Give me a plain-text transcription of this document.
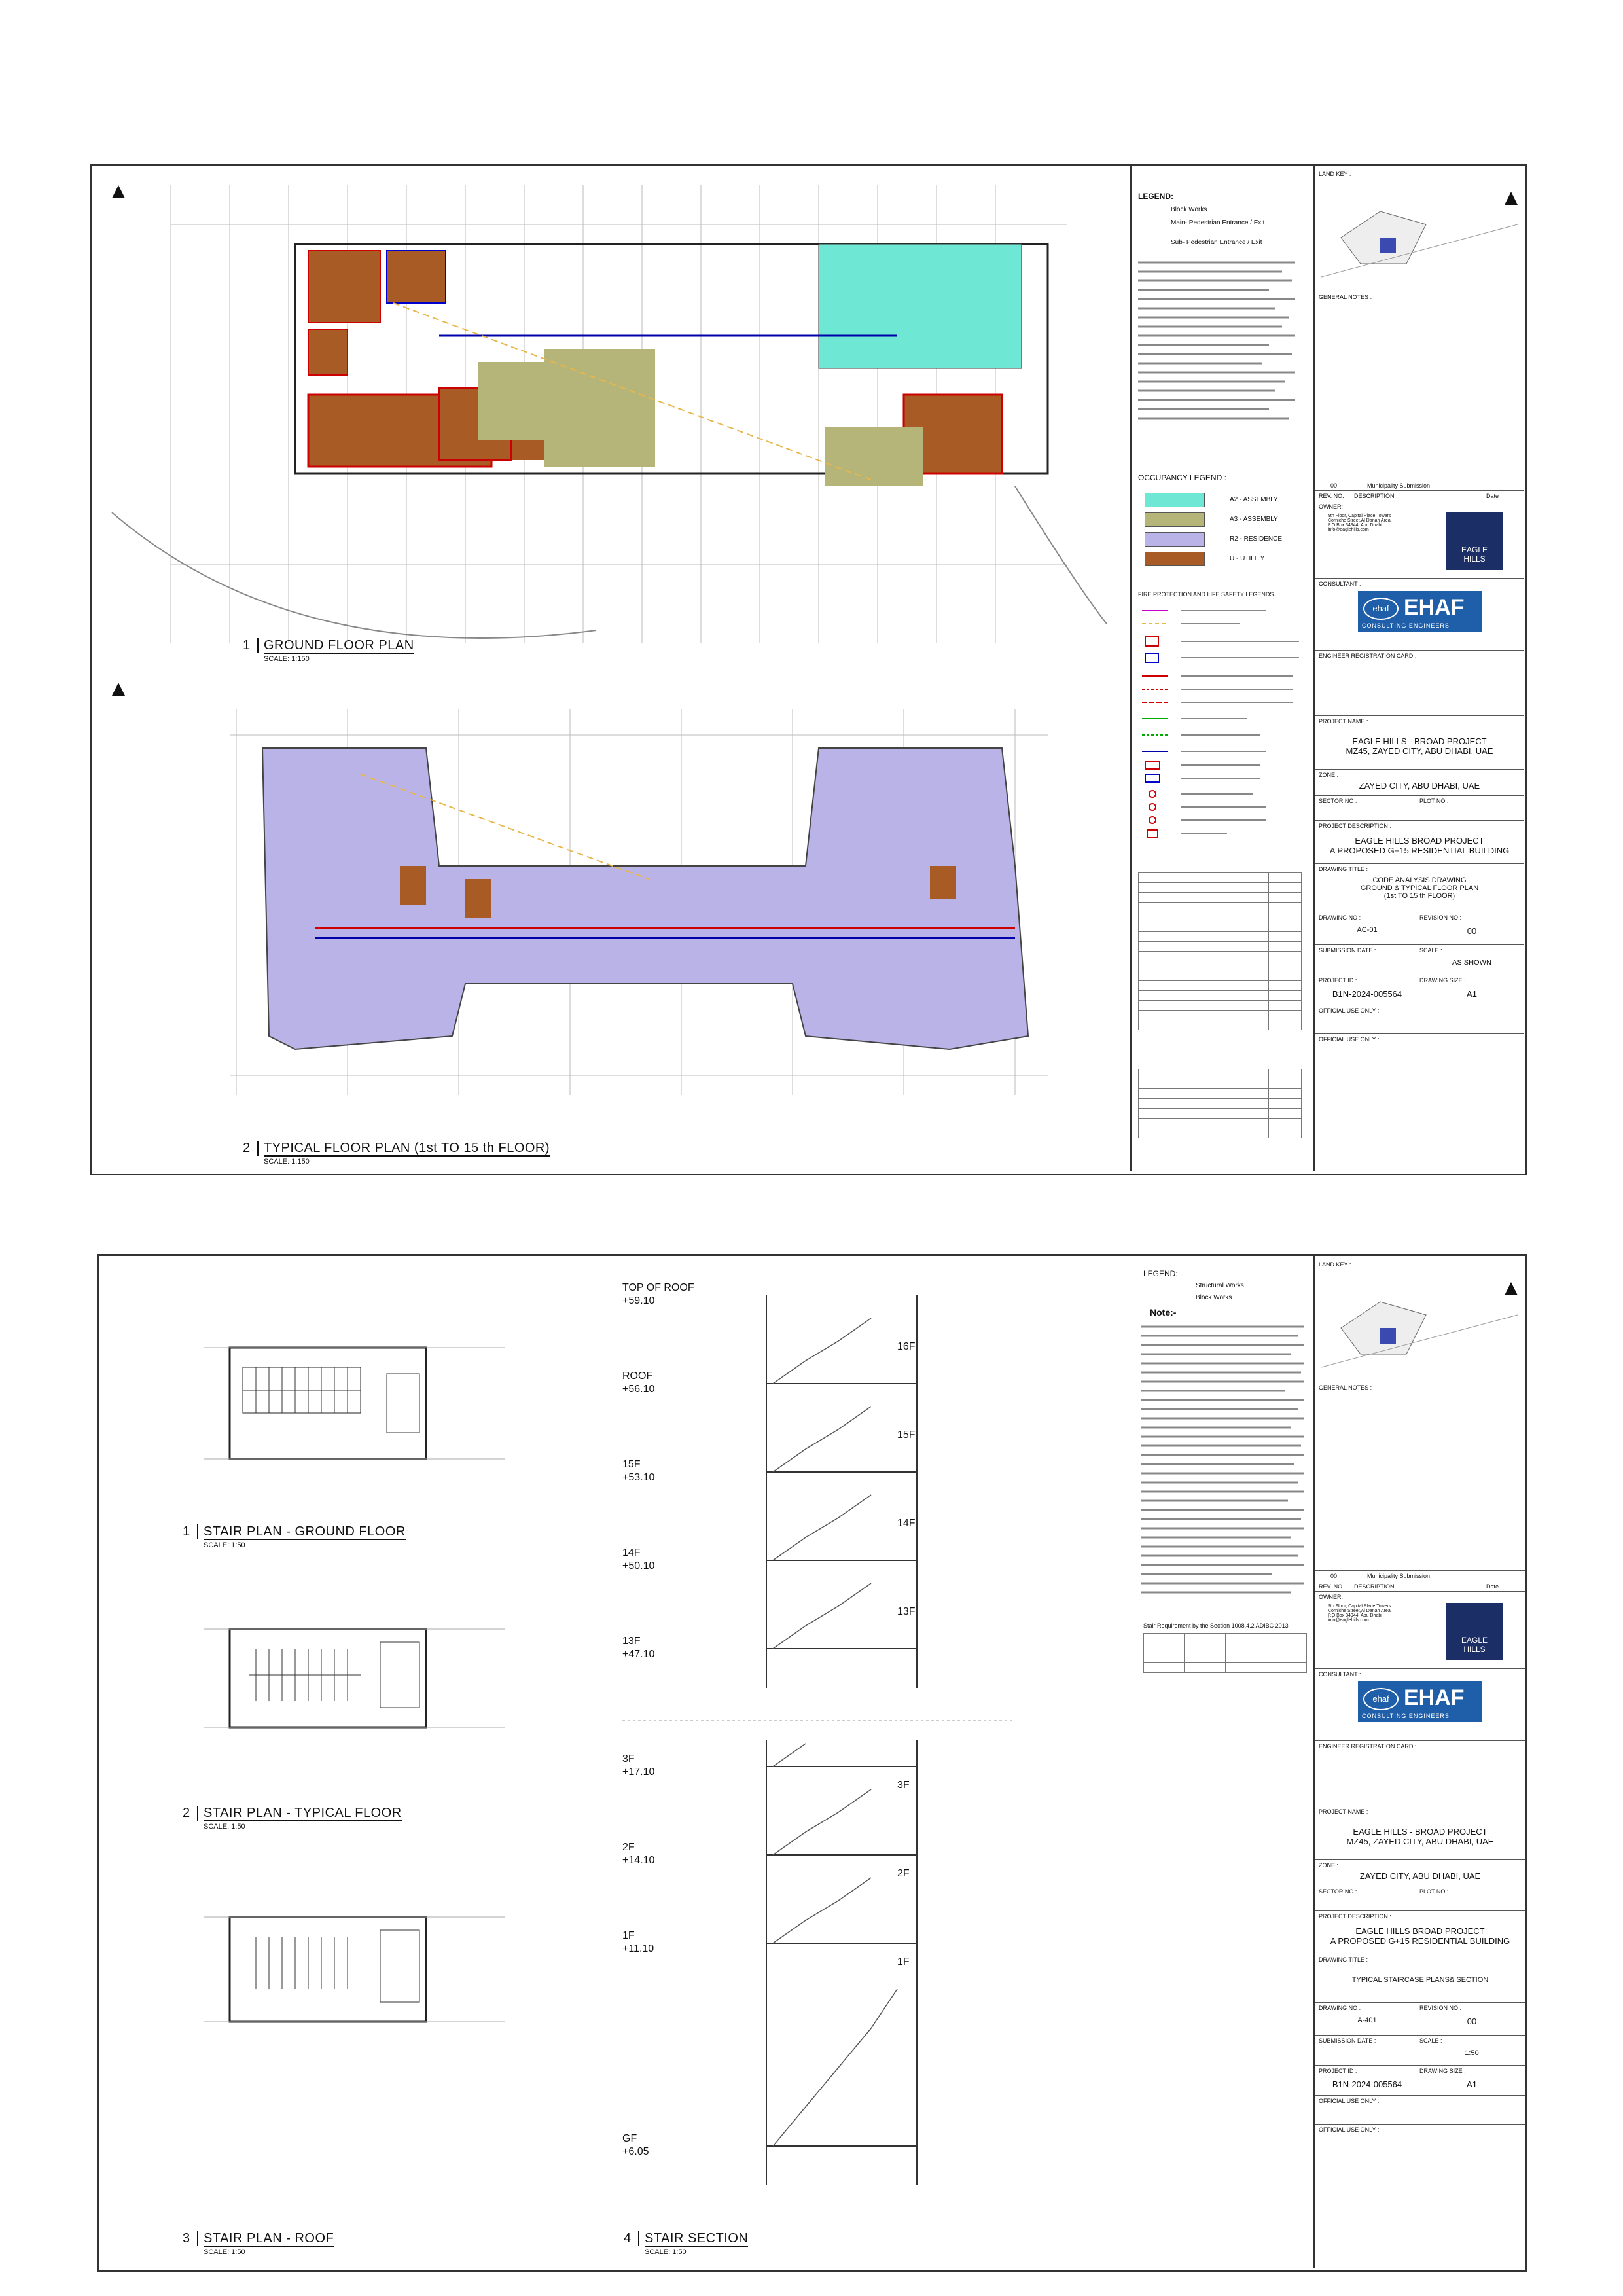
1 GROUND FLOOR PLAN
SCALE: 1:150
2 TYPICAL FLOOR PLAN (1st TO 15 th FLOOR)
SCALE: 1:150
LEGEND:
Block Works
Main- Pedestrian Entrance / Exit
Sub- Pedestrian Entrance / Exit
OCCUPANCY LEGEND :
A2 - ASSEMBLY
A3 - ASSEMBLY
R2 - RESIDENCE
U - UTILITY
FIRE PROTECTION AND LIFE SAFETY LEGENDS

LAND KEY :
GENERAL NOTES :
00	Municipality Submission
REV. NO. DESCRIPTION	Date
OWNER:
9th Floor, Capital Place Towers
Corniche Street,Al Danah Area,
P.O Box 34944, Abu Dhabi
info@eaglehills.com
EAGLE
HILLS
CONSULTANT :
ehaf EHAF
CONSULTING ENGINEERS
ENGINEER REGISTRATION CARD :
PROJECT NAME :
EAGLE HILLS - BROAD PROJECT
MZ45, ZAYED CITY, ABU DHABI, UAE
ZONE :
ZAYED CITY, ABU DHABI, UAE
SECTOR NO :	PLOT NO :
PROJECT DESCRIPTION :
EAGLE HILLS BROAD PROJECT
A PROPOSED G+15 RESIDENTIAL BUILDING
DRAWING TITLE :
CODE ANALYSIS DRAWING
GROUND & TYPICAL FLOOR PLAN
(1st TO 15 th FLOOR)
DRAWING NO :	REVISION NO :
AC-01	00
SUBMISSION DATE :	SCALE :
AS SHOWN
PROJECT ID :	DRAWING SIZE :
B1N-2024-005564	A1
OFFICIAL USE ONLY :
OFFICIAL USE ONLY :
1 STAIR PLAN - GROUND FLOOR
SCALE: 1:50
2 STAIR PLAN - TYPICAL FLOOR
SCALE: 1:50
3 STAIR PLAN - ROOF
SCALE: 1:50
TOP OF ROOF
+59.10
ROOF
+56.10
15F
+53.10
14F
+50.10
13F
+47.10
3F
+17.10
2F
+14.10
1F
+11.10
GF
+6.05
16F
15F
14F
13F
3F
2F
1F
4 STAIR SECTION
SCALE: 1:50
LEGEND:
Structural Works
Block Works
Note:-
Stair Requirement by the Section 1008.4.2 ADIBC 2013

LAND KEY :
GENERAL NOTES :
00	Municipality Submission
REV. NO. DESCRIPTION	Date
OWNER:
9th Floor, Capital Place Towers
Corniche Street,Al Danah Area,
P.O Box 34944, Abu Dhabi
info@eaglehills.com
EAGLE
HILLS
CONSULTANT :
ehaf EHAF
CONSULTING ENGINEERS
ENGINEER REGISTRATION CARD :
PROJECT NAME :
EAGLE HILLS - BROAD PROJECT
MZ45, ZAYED CITY, ABU DHABI, UAE
ZONE :
ZAYED CITY, ABU DHABI, UAE
SECTOR NO :	PLOT NO :
PROJECT DESCRIPTION :
EAGLE HILLS BROAD PROJECT
A PROPOSED G+15 RESIDENTIAL BUILDING
DRAWING TITLE :
TYPICAL STAIRCASE PLANS& SECTION
DRAWING NO :	REVISION NO :
A-401	00
SUBMISSION DATE :	SCALE :
1:50
PROJECT ID :	DRAWING SIZE :
B1N-2024-005564	A1
OFFICIAL USE ONLY :
OFFICIAL USE ONLY :
